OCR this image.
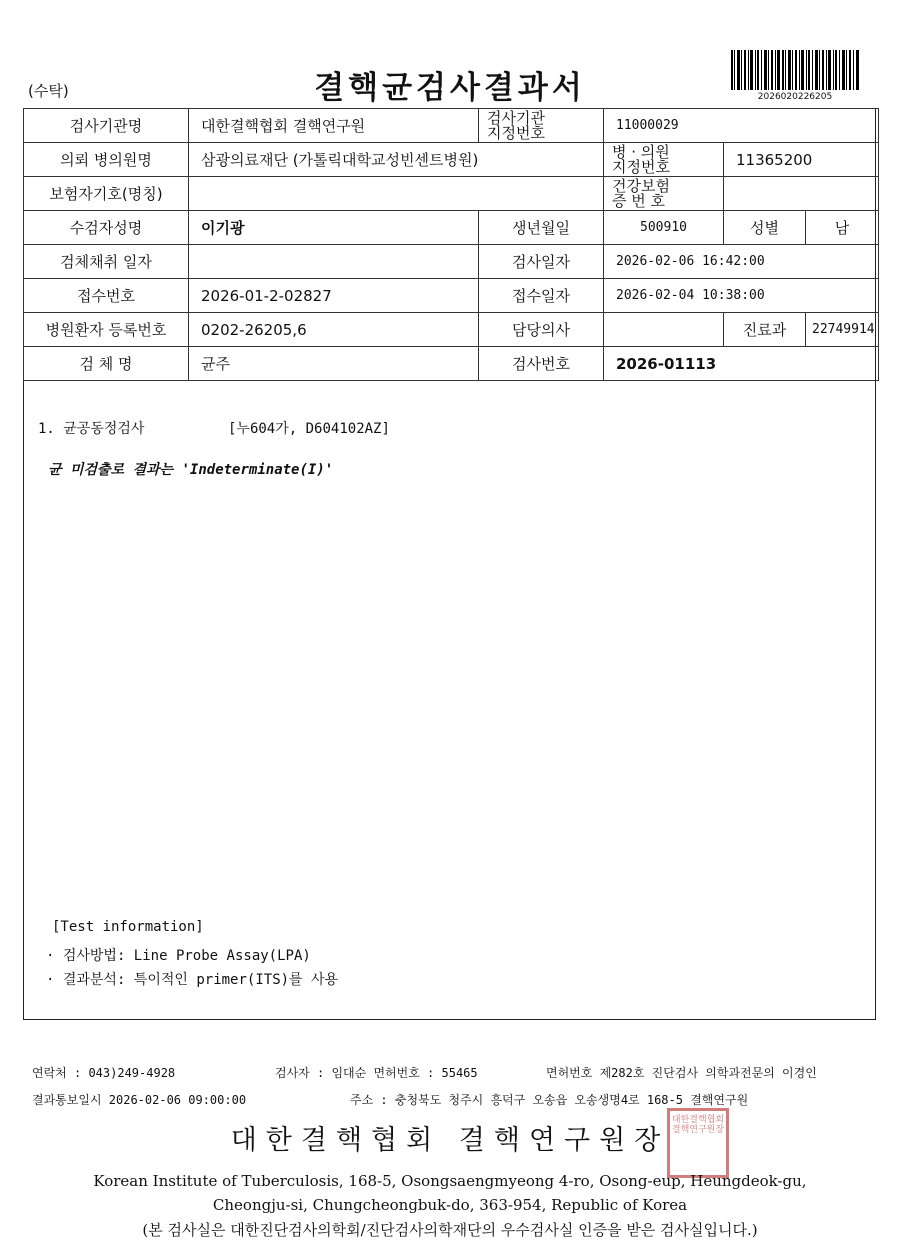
(수탁)	결핵균검사결과서	2026020226205
검사기관명	대한결핵협회 결핵연구원	검사기관
지정번호	11000029		
의뢰 병의원명	삼광의료재단 (가톨릭대학교성빈센트병원)		병 · 의원
지정번호	11365200	
보험자기호(명칭)			건강보험
증 번 호		
수검자성명	이기광	생년월일	500910	성별	남
검체채취 일자		검사일자	2026-02-06 16:42:00		
접수번호	2026-01-2-02827	접수일자	2026-02-04 10:38:00		
병원환자 등록번호	0202-26205,6	담당의사		진료과	22749914
검 체 명	균주	검사번호	2026-01113		
1. 균공동정검사	[누604가, D604102AZ]
균 미검출로 결과는 'Indeterminate(I)'
[Test information]
· 검사방법: Line Probe Assay(LPA)
· 결과분석: 특이적인 primer(ITS)를 사용
연락처 : 043)249-4928	검사자 : 임대순 면허번호 : 55465	면허번호 제282호 진단검사 의학과전문의 이경인
결과통보일시 2026-02-06 09:00:00	주소 : 충청북도 청주시 흥덕구 오송읍 오송생명4로 168-5 결핵연구원
대한결핵협회 결핵연구원장
대한결핵협회결핵연구원장
Korean Institute of Tuberculosis, 168-5, Osongsaengmyeong 4-ro, Osong-eup, Heungdeok-gu,
Cheongju-si, Chungcheongbuk-do, 363-954, Republic of Korea
(본 검사실은 대한진단검사의학회/진단검사의학재단의 우수검사실 인증을 받은 검사실입니다.)
